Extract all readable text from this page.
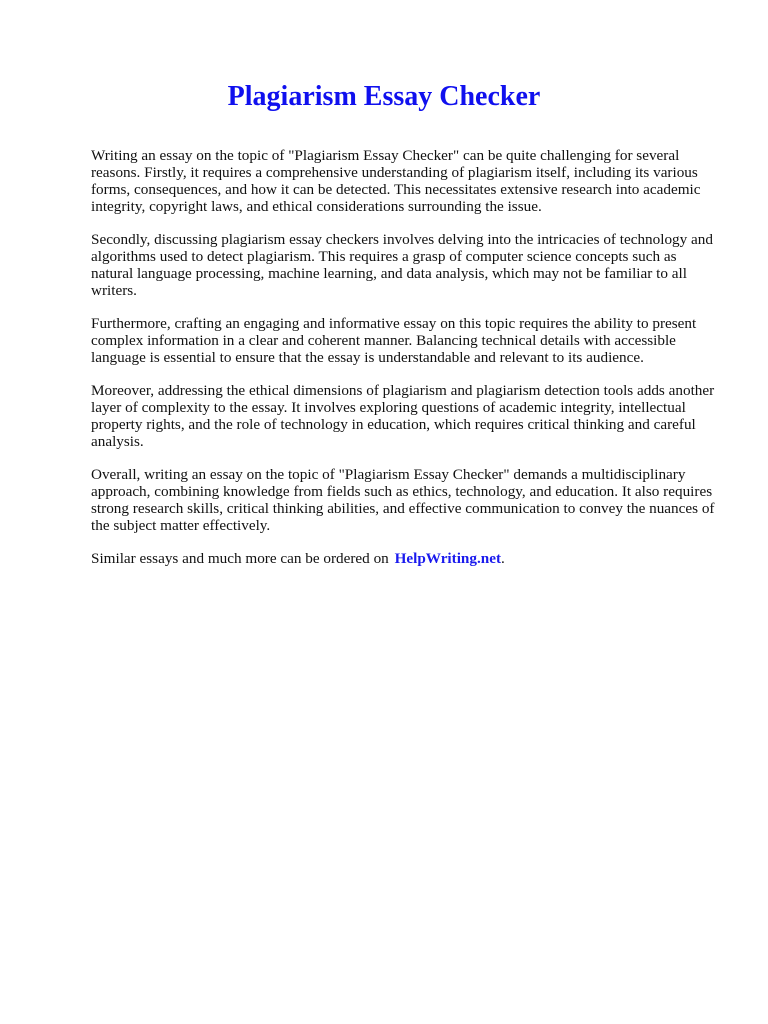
Plagiarism Essay Checker

Writing an essay on the topic of "Plagiarism Essay Checker" can be quite challenging for several reasons. Firstly, it requires a comprehensive understanding of plagiarism itself, including its various forms, consequences, and how it can be detected. This necessitates extensive research into academic integrity, copyright laws, and ethical considerations surrounding the issue.

Secondly, discussing plagiarism essay checkers involves delving into the intricacies of technology and algorithms used to detect plagiarism. This requires a grasp of computer science concepts such as natural language processing, machine learning, and data analysis, which may not be familiar to all writers.

Furthermore, crafting an engaging and informative essay on this topic requires the ability to present complex information in a clear and coherent manner. Balancing technical details with accessible language is essential to ensure that the essay is understandable and relevant to its audience.

Moreover, addressing the ethical dimensions of plagiarism and plagiarism detection tools adds another layer of complexity to the essay. It involves exploring questions of academic integrity, intellectual property rights, and the role of technology in education, which requires critical thinking and careful analysis.

Overall, writing an essay on the topic of "Plagiarism Essay Checker" demands a multidisciplinary approach, combining knowledge from fields such as ethics, technology, and education. It also requires strong research skills, critical thinking abilities, and effective communication to convey the nuances of the subject matter effectively.

Similar essays and much more can be ordered on HelpWriting.net.
